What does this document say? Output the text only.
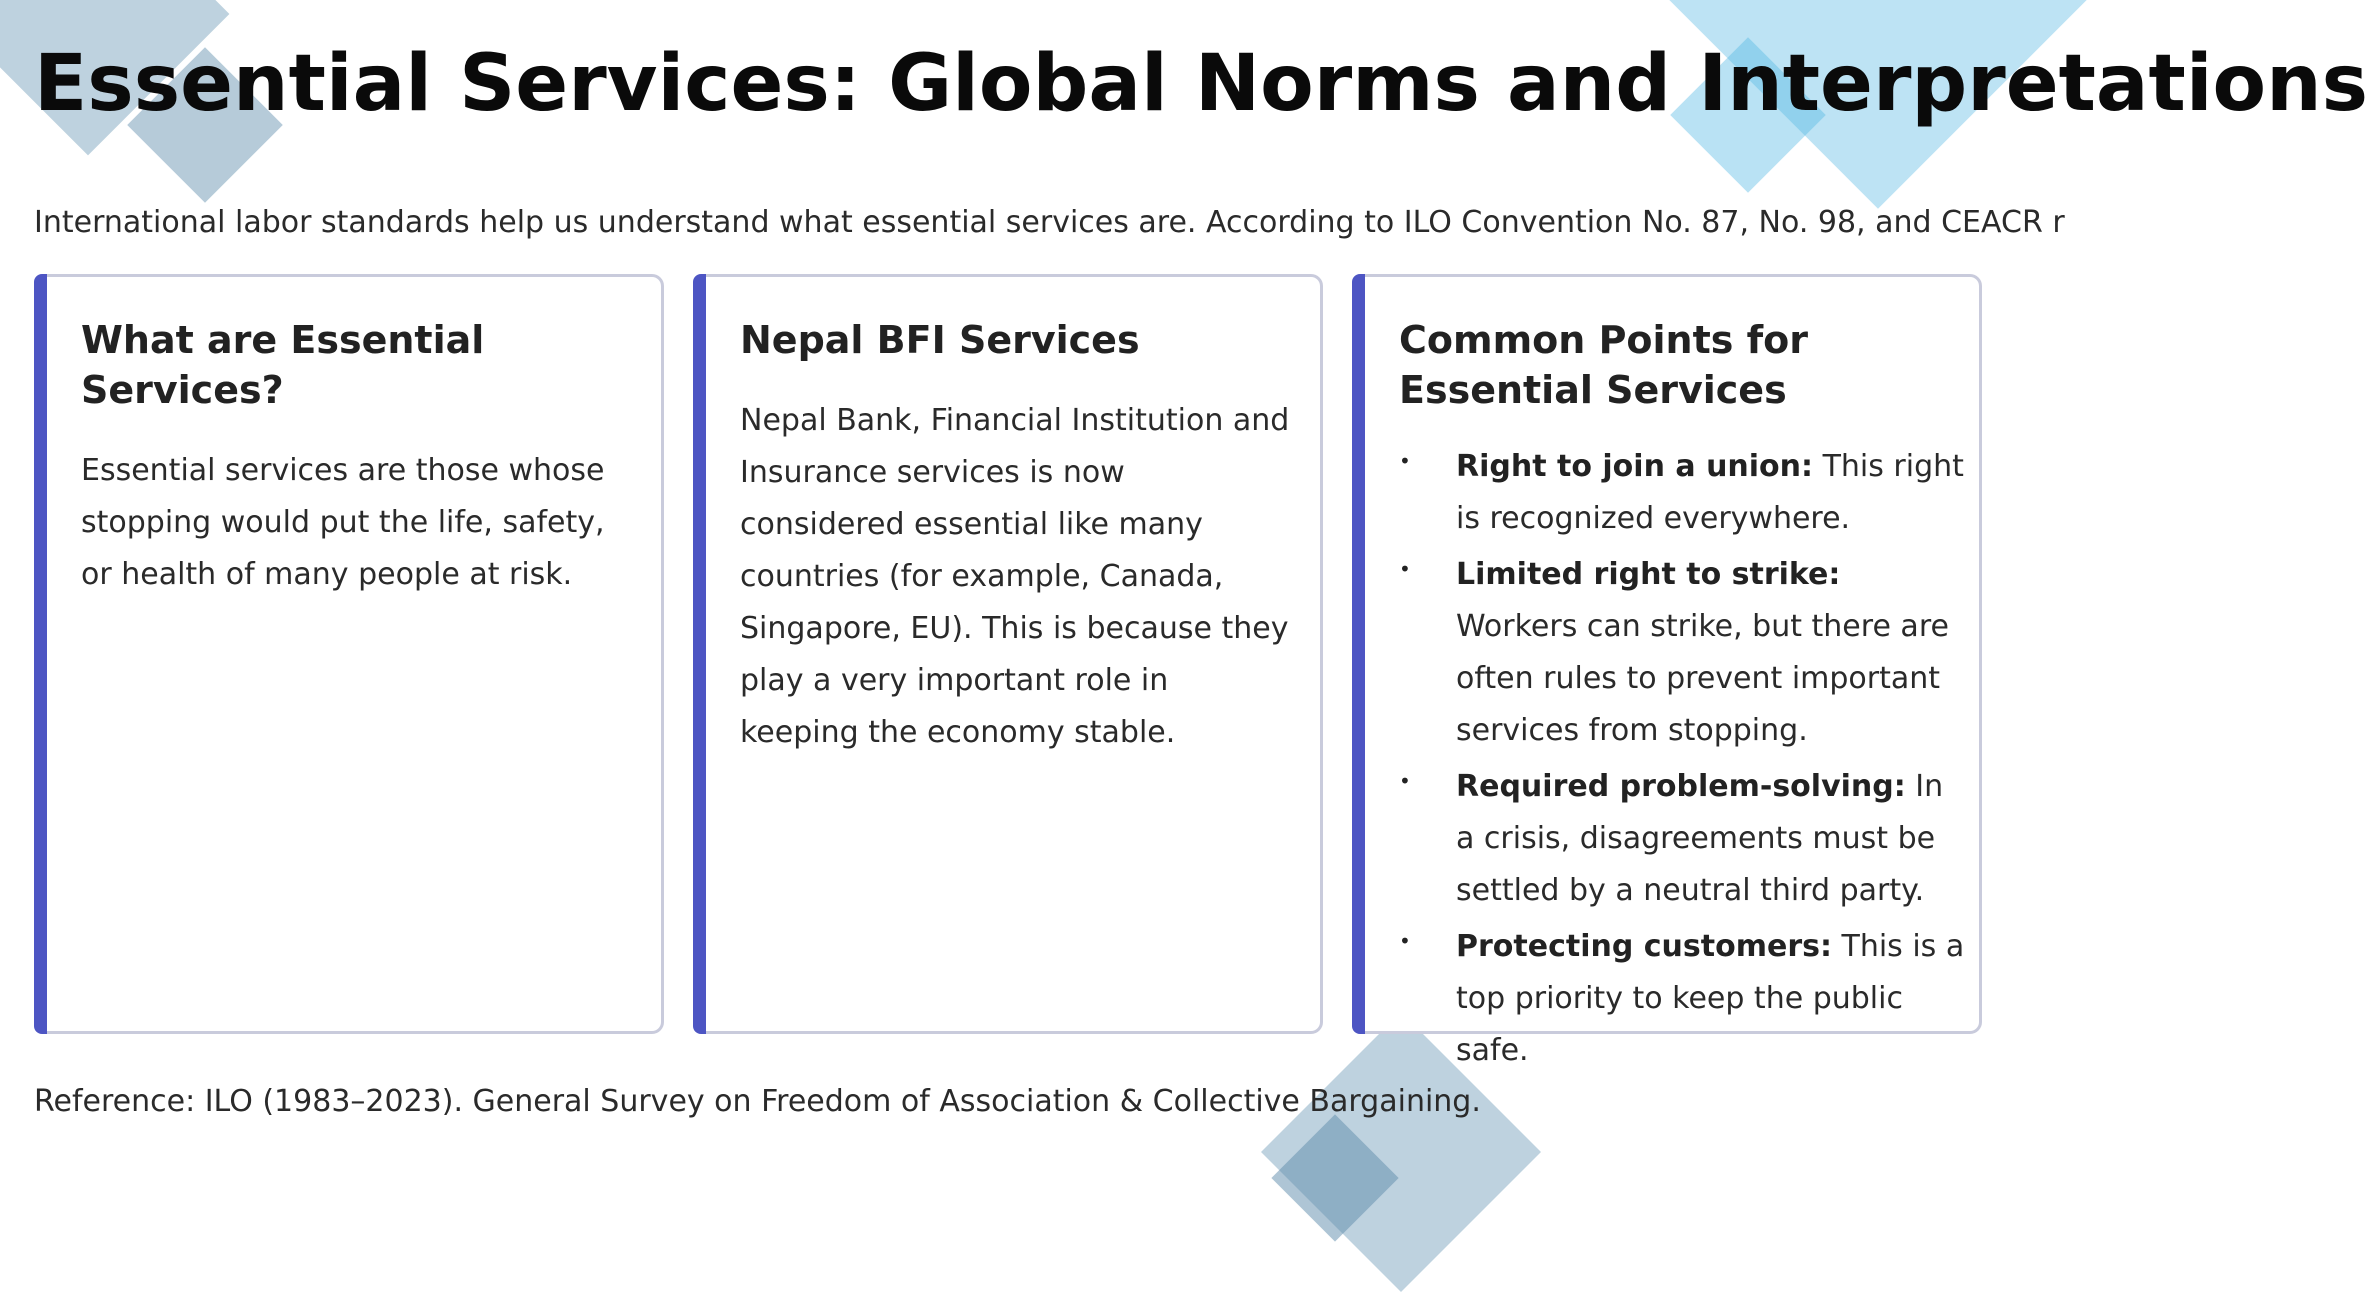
Essential Services: Global Norms and Interpretations

International labor standards help us understand what essential services are. According to ILO Convention No. 87, No. 98, and CEACR r

What are Essential Services?

Essential services are those whose stopping would put the life, safety, or health of many people at risk.

Nepal BFI Services

Nepal Bank, Financial Institution and Insurance services is now considered essential like many countries (for example, Canada, Singapore, EU). This is because they play a very important role in keeping the economy stable.

Common Points for Essential Services
• Right to join a union: This right is recognized everywhere.
• Limited right to strike: Workers can strike, but there are often rules to prevent important services from stopping.
• Required problem-solving: In a crisis, disagreements must be settled by a neutral third party.
• Protecting customers: This is a top priority to keep the public safe.

Reference: ILO (1983–2023). General Survey on Freedom of Association & Collective Bargaining.
